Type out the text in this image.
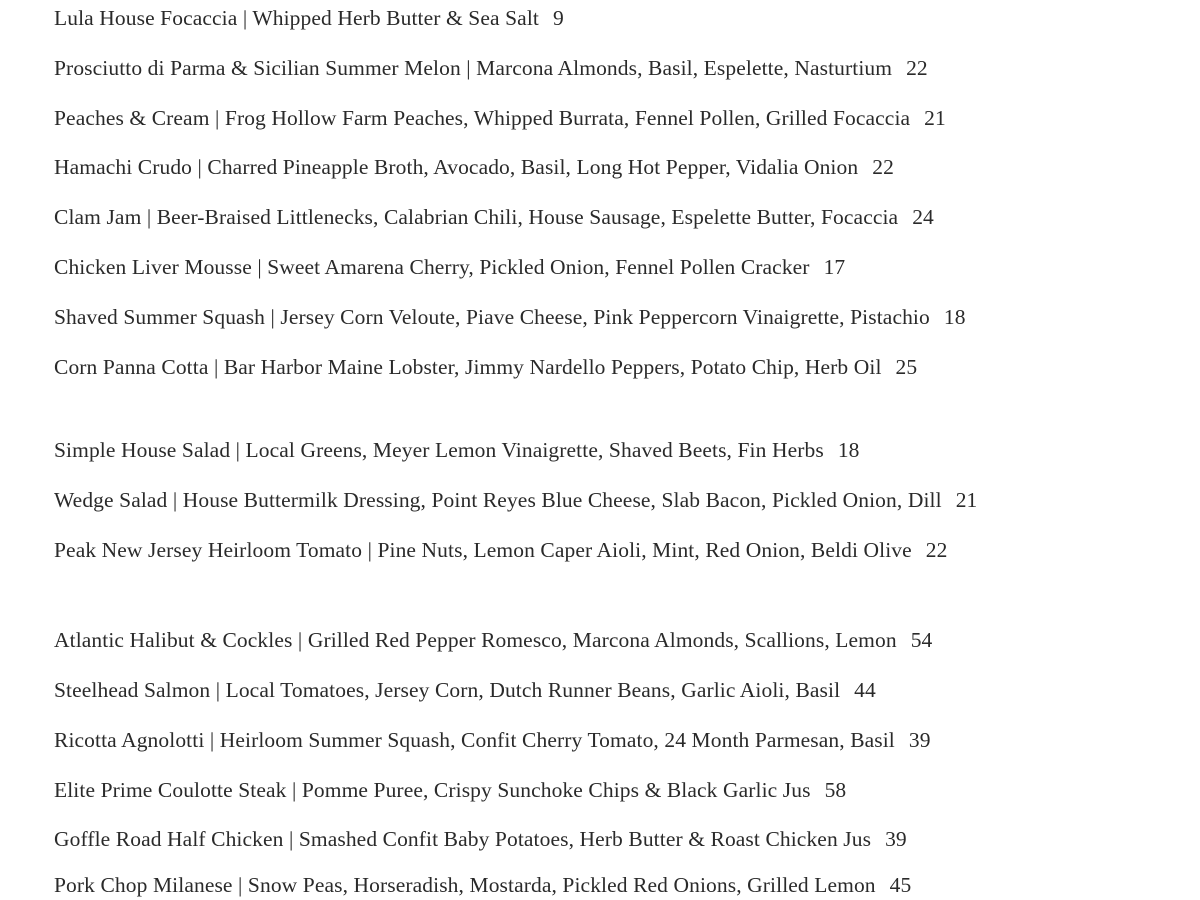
Lula House Focaccia | Whipped Herb Butter & Sea Salt 9
Prosciutto di Parma & Sicilian Summer Melon | Marcona Almonds, Basil, Espelette, Nasturtium 22
Peaches & Cream | Frog Hollow Farm Peaches, Whipped Burrata, Fennel Pollen, Grilled Focaccia 21
Hamachi Crudo | Charred Pineapple Broth, Avocado, Basil, Long Hot Pepper, Vidalia Onion 22
Clam Jam | Beer-Braised Littlenecks, Calabrian Chili, House Sausage, Espelette Butter, Focaccia 24
Chicken Liver Mousse | Sweet Amarena Cherry, Pickled Onion, Fennel Pollen Cracker 17
Shaved Summer Squash | Jersey Corn Veloute, Piave Cheese, Pink Peppercorn Vinaigrette, Pistachio 18
Corn Panna Cotta | Bar Harbor Maine Lobster, Jimmy Nardello Peppers, Potato Chip, Herb Oil 25
Simple House Salad | Local Greens, Meyer Lemon Vinaigrette, Shaved Beets, Fin Herbs 18
Wedge Salad | House Buttermilk Dressing, Point Reyes Blue Cheese, Slab Bacon, Pickled Onion, Dill 21
Peak New Jersey Heirloom Tomato | Pine Nuts, Lemon Caper Aioli, Mint, Red Onion, Beldi Olive 22
Atlantic Halibut & Cockles | Grilled Red Pepper Romesco, Marcona Almonds, Scallions, Lemon 54
Steelhead Salmon | Local Tomatoes, Jersey Corn, Dutch Runner Beans, Garlic Aioli, Basil 44
Ricotta Agnolotti | Heirloom Summer Squash, Confit Cherry Tomato, 24 Month Parmesan, Basil 39
Elite Prime Coulotte Steak | Pomme Puree, Crispy Sunchoke Chips & Black Garlic Jus 58
Goffle Road Half Chicken | Smashed Confit Baby Potatoes, Herb Butter & Roast Chicken Jus 39
Pork Chop Milanese | Snow Peas, Horseradish, Mostarda, Pickled Red Onions, Grilled Lemon 45
